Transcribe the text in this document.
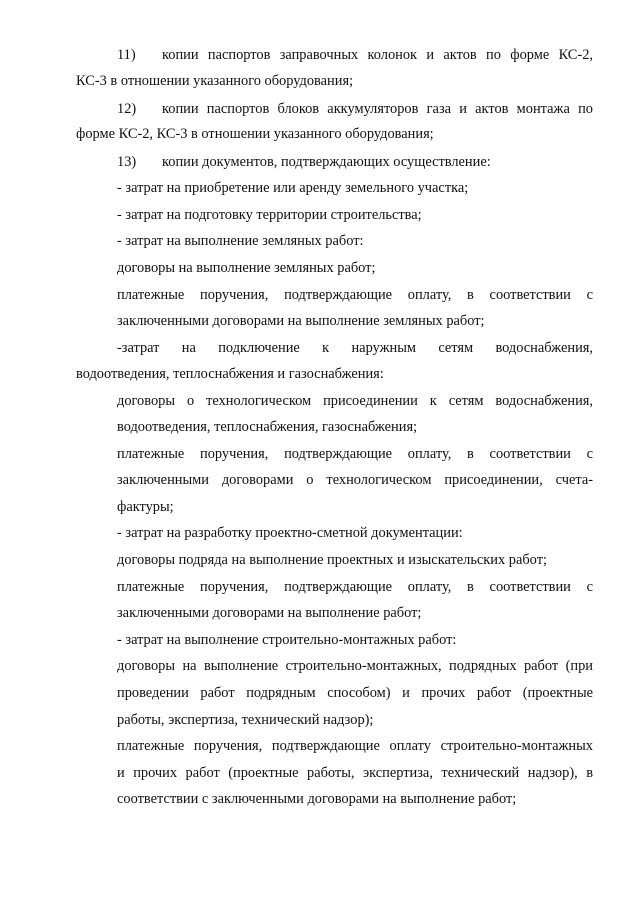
11) копии паспортов заправочных колонок и актов по форме КС-2,
КС-3 в отношении указанного оборудования;
12) копии паспортов блоков аккумуляторов газа и актов монтажа по
форме КС-2, КС-3 в отношении указанного оборудования;
13) копии документов, подтверждающих осуществление:
- затрат на приобретение или аренду земельного участка;
- затрат на подготовку территории строительства;
- затрат на выполнение земляных работ:
договоры на выполнение земляных работ;
платежные поручения, подтверждающие оплату, в соответствии с
заключенными договорами на выполнение земляных работ;
-затрат на подключение к наружным сетям водоснабжения,
водоотведения, теплоснабжения и газоснабжения:
договоры о технологическом присоединении к сетям водоснабжения,
водоотведения, теплоснабжения, газоснабжения;
платежные поручения, подтверждающие оплату, в соответствии с
заключенными договорами о технологическом присоединении, счета-
фактуры;
- затрат на разработку проектно-сметной документации:
договоры подряда на выполнение проектных и изыскательских работ;
платежные поручения, подтверждающие оплату, в соответствии с
заключенными договорами на выполнение работ;
- затрат на выполнение строительно-монтажных работ:
договоры на выполнение строительно-монтажных, подрядных работ (при
проведении работ подрядным способом) и прочих работ (проектные
работы, экспертиза, технический надзор);
платежные поручения, подтверждающие оплату строительно-монтажных
и прочих работ (проектные работы, экспертиза, технический надзор), в
соответствии с заключенными договорами на выполнение работ;
